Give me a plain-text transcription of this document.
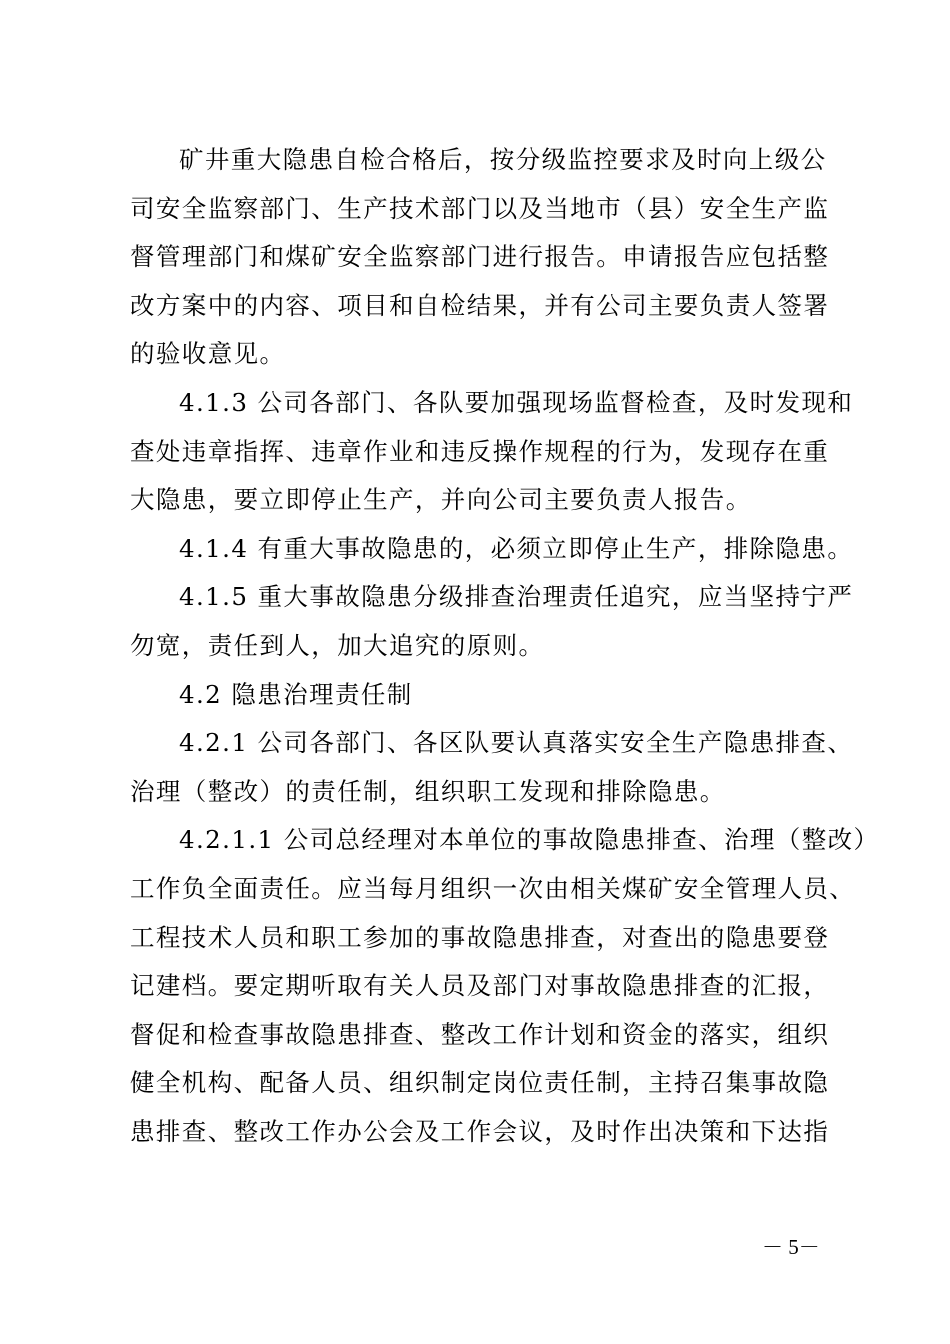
矿井重大隐患自检合格后，按分级监控要求及时向上级公
司安全监察部门、生产技术部门以及当地市（县）安全生产监
督管理部门和煤矿安全监察部门进行报告。申请报告应包括整
改方案中的内容、项目和自检结果，并有公司主要负责人签署
的验收意见。
4.1.3 公司各部门、各队要加强现场监督检查，及时发现和
查处违章指挥、违章作业和违反操作规程的行为，发现存在重
大隐患，要立即停止生产，并向公司主要负责人报告。
4.1.4 有重大事故隐患的，必须立即停止生产，排除隐患。
4.1.5 重大事故隐患分级排查治理责任追究，应当坚持宁严
勿宽，责任到人，加大追究的原则。
4.2 隐患治理责任制
4.2.1 公司各部门、各区队要认真落实安全生产隐患排查、
治理（整改）的责任制，组织职工发现和排除隐患。
4.2.1.1 公司总经理对本单位的事故隐患排查、治理（整改）
工作负全面责任。应当每月组织一次由相关煤矿安全管理人员、
工程技术人员和职工参加的事故隐患排查，对查出的隐患要登
记建档。要定期听取有关人员及部门对事故隐患排查的汇报，
督促和检查事故隐患排查、整改工作计划和资金的落实，组织
健全机构、配备人员、组织制定岗位责任制，主持召集事故隐
患排查、整改工作办公会及工作会议，及时作出决策和下达指
－ 5－
